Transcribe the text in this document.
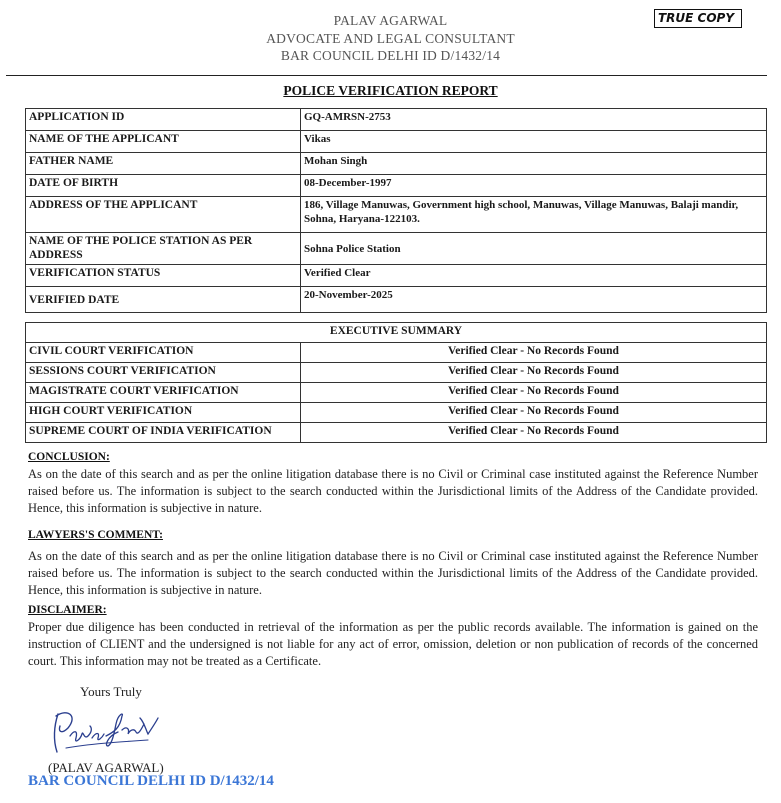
PALAV AGARWAL
ADVOCATE AND LEGAL CONSULTANT
BAR COUNCIL DELHI ID D/1432/14
TRUE COPY
POLICE VERIFICATION REPORT
APPLICATION ID	GQ-AMRSN-2753
NAME OF THE APPLICANT	Vikas
FATHER NAME	Mohan Singh
DATE OF BIRTH	08-December-1997
ADDRESS OF THE APPLICANT	186, Village Manuwas, Government high school, Manuwas, Village Manuwas, Balaji mandir, Sohna, Haryana-122103.
NAME OF THE POLICE STATION AS PER ADDRESS	Sohna Police Station
VERIFICATION STATUS	Verified Clear
VERIFIED DATE	20-November-2025
EXECUTIVE SUMMARY	
CIVIL COURT VERIFICATION	Verified Clear - No Records Found
SESSIONS COURT VERIFICATION	Verified Clear - No Records Found
MAGISTRATE COURT VERIFICATION	Verified Clear - No Records Found
HIGH COURT VERIFICATION	Verified Clear - No Records Found
SUPREME COURT OF INDIA VERIFICATION	Verified Clear - No Records Found
CONCLUSION:
As on the date of this search and as per the online litigation database there is no Civil or Criminal case instituted against the Reference Number raised before us. The information is subject to the search conducted within the Jurisdictional limits of the Address of the Candidate provided. Hence, this information is subjective in nature.
LAWYERS'S COMMENT:
As on the date of this search and as per the online litigation database there is no Civil or Criminal case instituted against the Reference Number raised before us. The information is subject to the search conducted within the Jurisdictional limits of the Address of the Candidate provided. Hence, this information is subjective in nature.
DISCLAIMER:
Proper due diligence has been conducted in retrieval of the information as per the public records available. The information is gained on the instruction of CLIENT and the undersigned is not liable for any act of error, omission, deletion or non publication of records of the concerned court. This information may not be treated as a Certificate.
Yours Truly
(PALAV AGARWAL)
BAR COUNCIL DELHI ID D/1432/14
